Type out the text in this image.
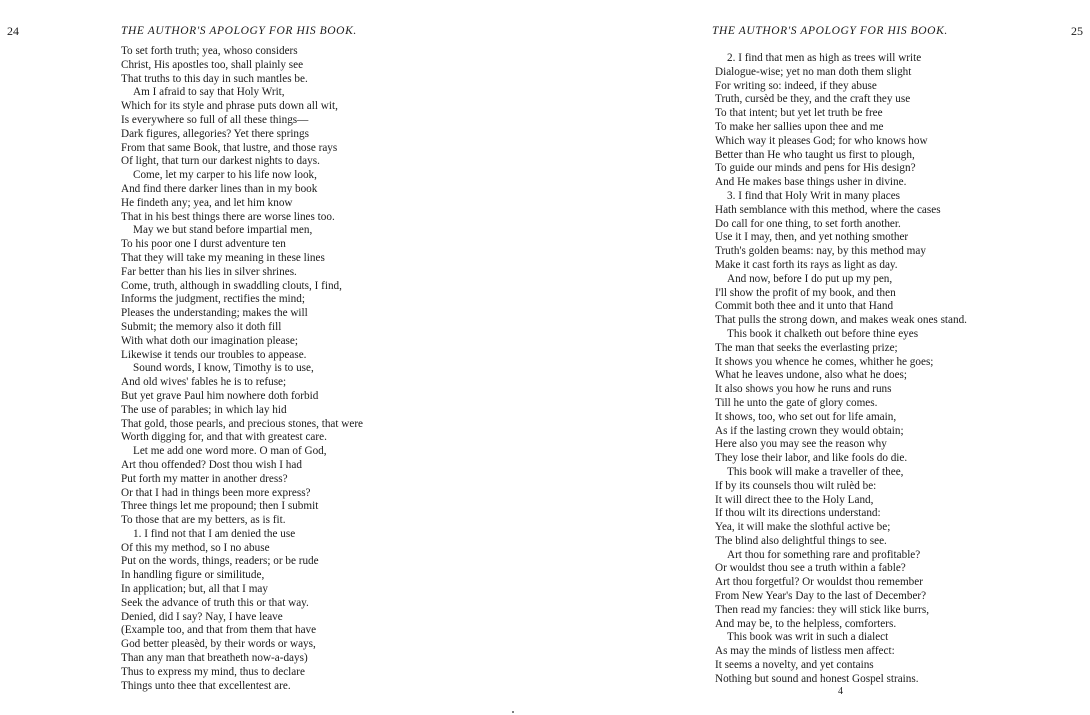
24	THE AUTHOR'S APOLOGY FOR HIS BOOK.
To set forth truth; yea, whoso considers
Christ, His apostles too, shall plainly see
That truths to this day in such mantles be.
Am I afraid to say that Holy Writ,
Which for its style and phrase puts down all wit,
Is everywhere so full of all these things—
Dark figures, allegories? Yet there springs
From that same Book, that lustre, and those rays
Of light, that turn our darkest nights to days.
Come, let my carper to his life now look,
And find there darker lines than in my book
He findeth any; yea, and let him know
That in his best things there are worse lines too.
May we but stand before impartial men,
To his poor one I durst adventure ten
That they will take my meaning in these lines
Far better than his lies in silver shrines.
Come, truth, although in swaddling clouts, I find,
Informs the judgment, rectifies the mind;
Pleases the understanding; makes the will
Submit; the memory also it doth fill
With what doth our imagination please;
Likewise it tends our troubles to appease.
Sound words, I know, Timothy is to use,
And old wives' fables he is to refuse;
But yet grave Paul him nowhere doth forbid
The use of parables; in which lay hid
That gold, those pearls, and precious stones, that were
Worth digging for, and that with greatest care.
Let me add one word more. O man of God,
Art thou offended? Dost thou wish I had
Put forth my matter in another dress?
Or that I had in things been more express?
Three things let me propound; then I submit
To those that are my betters, as is fit.
1. I find not that I am denied the use
Of this my method, so I no abuse
Put on the words, things, readers; or be rude
In handling figure or similitude,
In application; but, all that I may
Seek the advance of truth this or that way.
Denied, did I say? Nay, I have leave
(Example too, and that from them that have
God better pleasèd, by their words or ways,
Than any man that breatheth now-a-days)
Thus to express my mind, thus to declare
Things unto thee that excellentest are.
25
THE AUTHOR'S APOLOGY FOR HIS BOOK.
2. I find that men as high as trees will write
Dialogue-wise; yet no man doth them slight
For writing so: indeed, if they abuse
Truth, cursèd be they, and the craft they use
To that intent; but yet let truth be free
To make her sallies upon thee and me
Which way it pleases God; for who knows how
Better than He who taught us first to plough,
To guide our minds and pens for His design?
And He makes base things usher in divine.
3. I find that Holy Writ in many places
Hath semblance with this method, where the cases
Do call for one thing, to set forth another.
Use it I may, then, and yet nothing smother
Truth's golden beams: nay, by this method may
Make it cast forth its rays as light as day.
And now, before I do put up my pen,
I'll show the profit of my book, and then
Commit both thee and it unto that Hand
That pulls the strong down, and makes weak ones stand.
This book it chalketh out before thine eyes
The man that seeks the everlasting prize;
It shows you whence he comes, whither he goes;
What he leaves undone, also what he does;
It also shows you how he runs and runs
Till he unto the gate of glory comes.
It shows, too, who set out for life amain,
As if the lasting crown they would obtain;
Here also you may see the reason why
They lose their labor, and like fools do die.
This book will make a traveller of thee,
If by its counsels thou wilt rulèd be:
It will direct thee to the Holy Land,
If thou wilt its directions understand:
Yea, it will make the slothful active be;
The blind also delightful things to see.
Art thou for something rare and profitable?
Or wouldst thou see a truth within a fable?
Art thou forgetful? Or wouldst thou remember
From New Year's Day to the last of December?
Then read my fancies: they will stick like burrs,
And may be, to the helpless, comforters.
This book was writ in such a dialect
As may the minds of listless men affect:
It seems a novelty, and yet contains
Nothing but sound and honest Gospel strains.
4
